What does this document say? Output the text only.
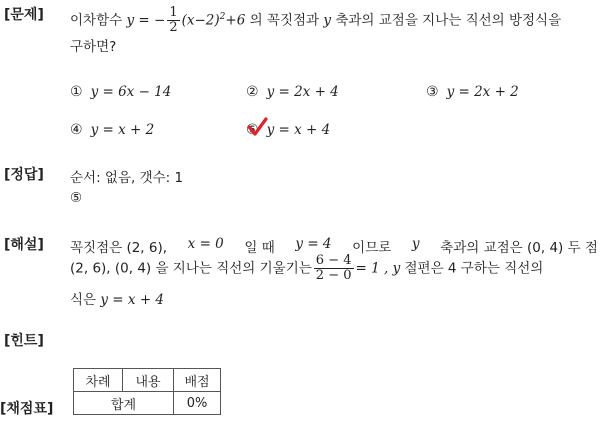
[문제]
[정답]
[해설]
[힌트]
[채점표]
이차함수 y = − $\frac{1}{2} (x-2)^2+6$ 의 꼭짓점과 y 축과의 교점을 지나는 직선의 방정식을
구하면?
① y = 6x − 14	② y = 2x + 4	③ y = 2x + 2
④ y = x + 2	⑤ y = x + 4
순서: 없음, 갯수: 1
⑤
꼭짓점은 (2, 6), x = 0 일 때 y = 4 이므로 y 축과의 교점은 (0, 4) 두 점
(2, 6), (0, 4) 을 지나는 직선의 기울기는 $\frac{6 - 4}{2 - 0} = 1$ , y 절편은 4 구하는 직선의
식은 y = x + 4
차례	내용	배점
합계		0%
